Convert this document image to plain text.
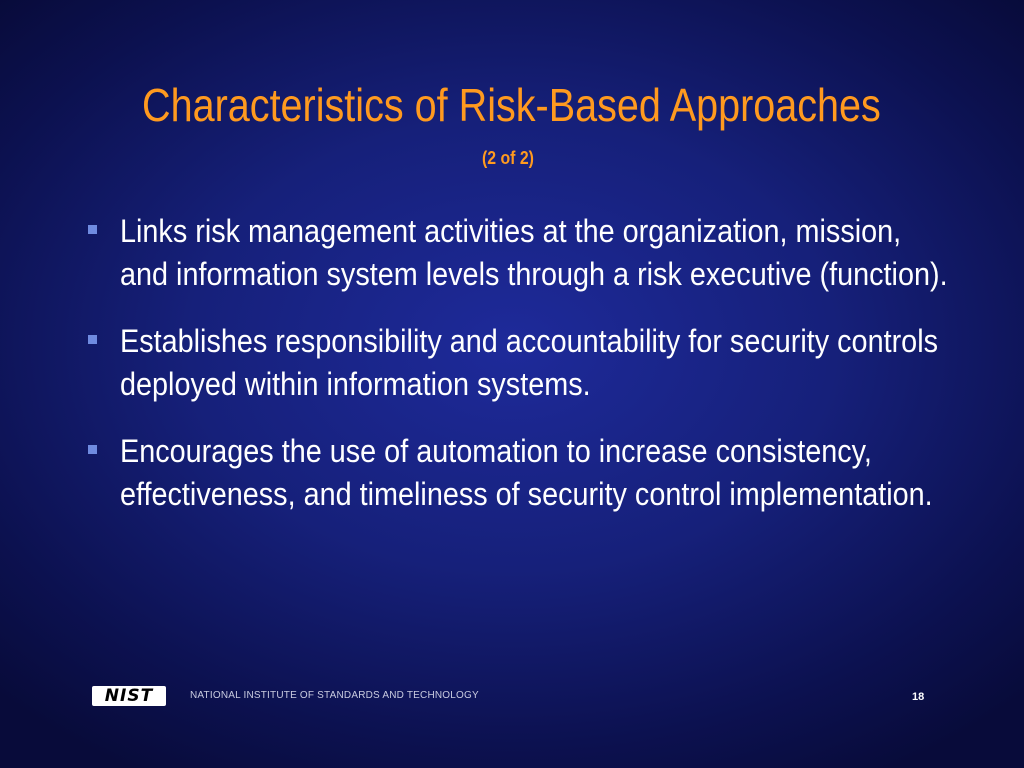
Characteristics of Risk-Based Approaches
(2 of 2)
Links risk management activities at the organization, mission, and information system levels through a risk executive (function).
Establishes responsibility and accountability for security controls deployed within information systems.
Encourages the use of automation to increase consistency, effectiveness, and timeliness of security control implementation.
NIST	NATIONAL INSTITUTE OF STANDARDS AND TECHNOLOGY	18
